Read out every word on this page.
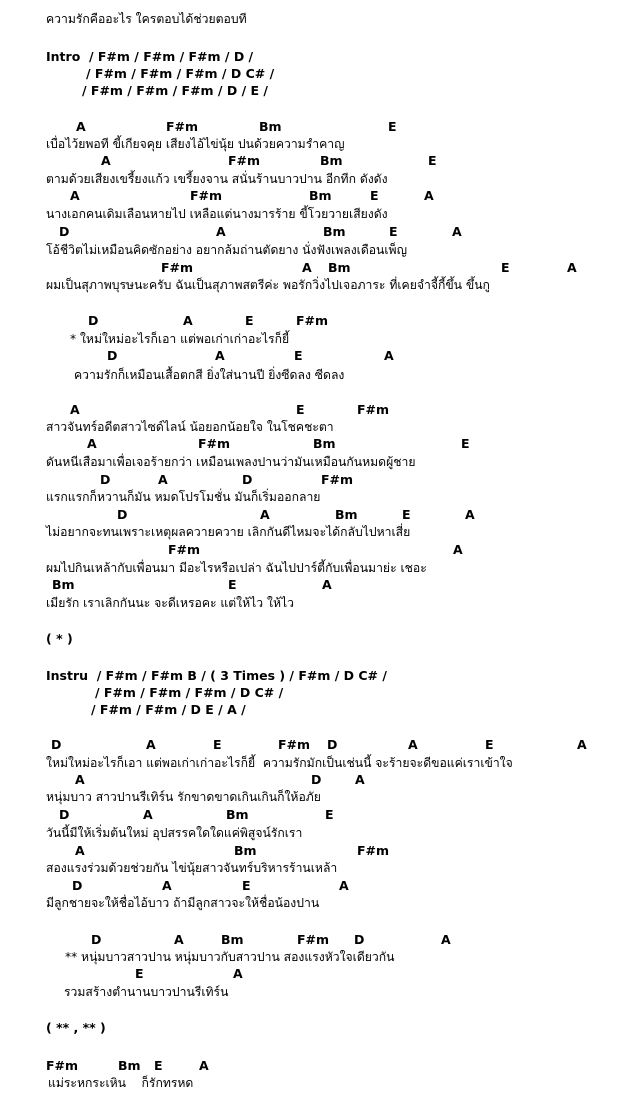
ความรักคืออะไร ใครตอบได้ช่วยตอบที
Intro  / F#m / F#m / F#m / D /
/ F#m / F#m / F#m / D C# /
/ F#m / F#m / F#m / D / E /
A	F#m	Bm	E
เบื่อไว้ยพอที ขี้เกียจคุย เสียงไอ้ไข่นุ้ย ปนด้วยความรำคาญ
A	F#m	Bm	E
ตามด้วยเสียงเขรี้ยงแก้ว เขรี้ยงจาน สนั่นร้านบาวปาน อีกทีก ดังดัง
A	F#m	Bm	E	A
นางเอกคนเดิมเลือนหายไป เหลือแต่นางมารร้าย ขี้โวยวายเสียงดัง
D	A	Bm	E	A
โอ้ชีวิตไม่เหมือนคิดซักอย่าง อยากล้มถ่านตัดยาง นั่งฟังเพลงเดือนเพ็ญ
F#m	A Bm	E	A
ผมเป็นสุภาพบุรษนะครับ ฉันเป็นสุภาพสตรีค่ะ พอรักวิ่งไปเจอภาระ ที่เคยจำจี้กี้ขึ้น ขึ้นกู
D	A	E	F#m
* ใหม่ใหม่อะไรก็เอา แต่พอเก่าเก่าอะไรก็ยี้
D	A	E	A
ความรักก็เหมือนเสื้อตกสี ยิ่งใส่นานปี ยิ่งซีดลง ซีดลง
A	E	F#m
สาวจันทร์อดีตสาวไซด์ไลน์ น้อยอกน้อยใจ ในโชคชะตา
A	F#m	Bm	E
ดันหนีเสือมาเพื่อเจอร้ายกว่า เหมือนเพลงปานว่ามันเหมือนกันหมดผู้ชาย
D	A	D	F#m
แรกแรกก็หวานก็มัน หมดโปรโมชั่น มันก็เริ่มออกลาย
D	A	Bm	E	A
ไม่อยากจะทนเพราะเหตุผลควายควาย เลิกกันดีไหมจะได้กลับไปหาเสี่ย
F#m	A
ผมไปกินเหล้ากับเพื่อนมา มีอะไรหรือเปล่า ฉันไปปาร์ตี้กับเพื่อนมาย่ะ เชอะ
Bm	E	A
เมียรัก เราเลิกกันนะ จะดีเหรอคะ แต่ให้ไว ให้ไว
( * )
Instru  / F#m / F#m B / ( 3 Times ) / F#m / D C# /
/ F#m / F#m / F#m / D C# /
/ F#m / F#m / D E / A /
D	A	E	F#m D	A	E	A
ใหม่ใหม่อะไรก็เอา แต่พอเก่าเก่าอะไรก็ยี้  ความรักมักเป็นเช่นนี้ จะร้ายจะดีขอแค่เราเข้าใจ
A	D	A
หนุ่มบาว สาวปานรีเทิร์น รักขาดขาดเกินเกินก็ให้อภัย
D	A	Bm	E
วันนี้มีให้เริ่มต้นใหม่ อุปสรรคใดใดแค่พิสูจน์รักเรา
A	Bm	F#m
สองแรงร่วมด้วยช่วยกัน ไข่นุ้ยสาวจันทร์บริหารร้านเหล้า
D	A	E	A
มีลูกชายจะให้ชื่อไอ้บาว ถ้ามีลูกสาวจะให้ชื่อน้องปาน
D	A	Bm	F#m D	A
** หนุ่มบาวสาวปาน หนุ่มบาวกับสาวปาน สองแรงหัวใจเดียวกัน
E	A
รวมสร้างตำนานบาวปานรีเทิร์น
( ** , ** )
F#m	Bm E	A
แม่ระหกระเหิน    ก็รักทรหด
